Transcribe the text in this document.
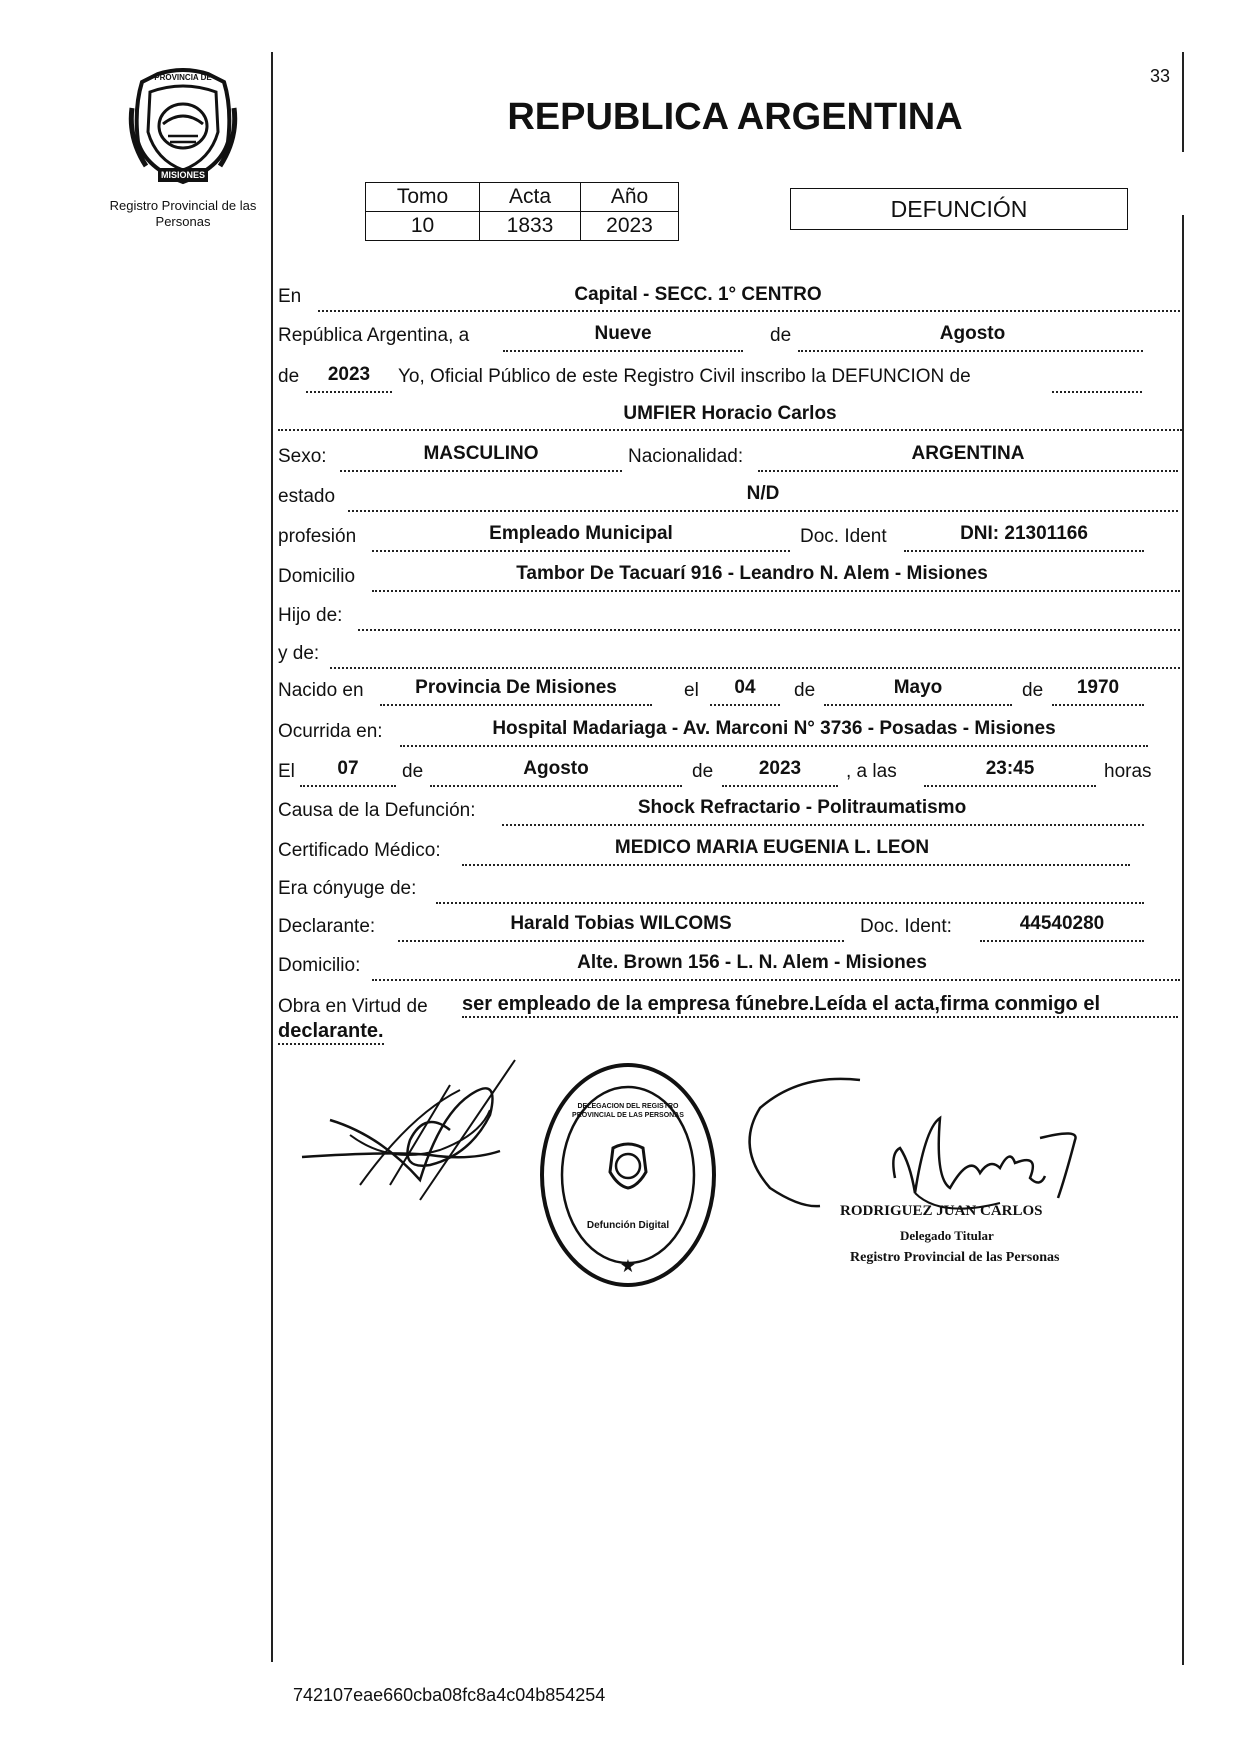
PROVINCIA DE
MISIONES
Registro Provincial de las Personas
33
REPUBLICA ARGENTINA
Tomo	Acta	Año
10	1833	2023
DEFUNCIÓN
En	Capital - SECC. 1° CENTRO
República Argentina, a	Nueve	de	Agosto
de	2023	Yo, Oficial Público de este Registro Civil inscribo la DEFUNCION de
UMFIER Horacio Carlos
Sexo:	MASCULINO	Nacionalidad:	ARGENTINA
estado	N/D
profesión	Empleado Municipal	Doc. Ident	DNI: 21301166
Domicilio	Tambor De Tacuarí 916 - Leandro N. Alem - Misiones
Hijo de:
y de:
Nacido en	Provincia De Misiones	el	04	de	Mayo	de	1970
Ocurrida en:	Hospital Madariaga - Av. Marconi N° 3736 - Posadas - Misiones
El	07	de	Agosto	de	2023	, a las	23:45	horas
Causa de la Defunción:	Shock Refractario - Politraumatismo
Certificado Médico:	MEDICO MARIA EUGENIA L. LEON
Era cónyuge de:
Declarante:	Harald Tobias WILCOMS	Doc. Ident:	44540280
Domicilio:	Alte. Brown 156 - L. N. Alem - Misiones
Obra en Virtud de ser empleado de la empresa fúnebre.Leída el acta,firma conmigo el
declarante.
★
DELEGACION DEL REGISTRO PROVINCIAL DE LAS PERSONAS
Defunción Digital
RODRIGUEZ JUAN CARLOS
Delegado Titular
Registro Provincial de las Personas
742107eae660cba08fc8a4c04b854254
